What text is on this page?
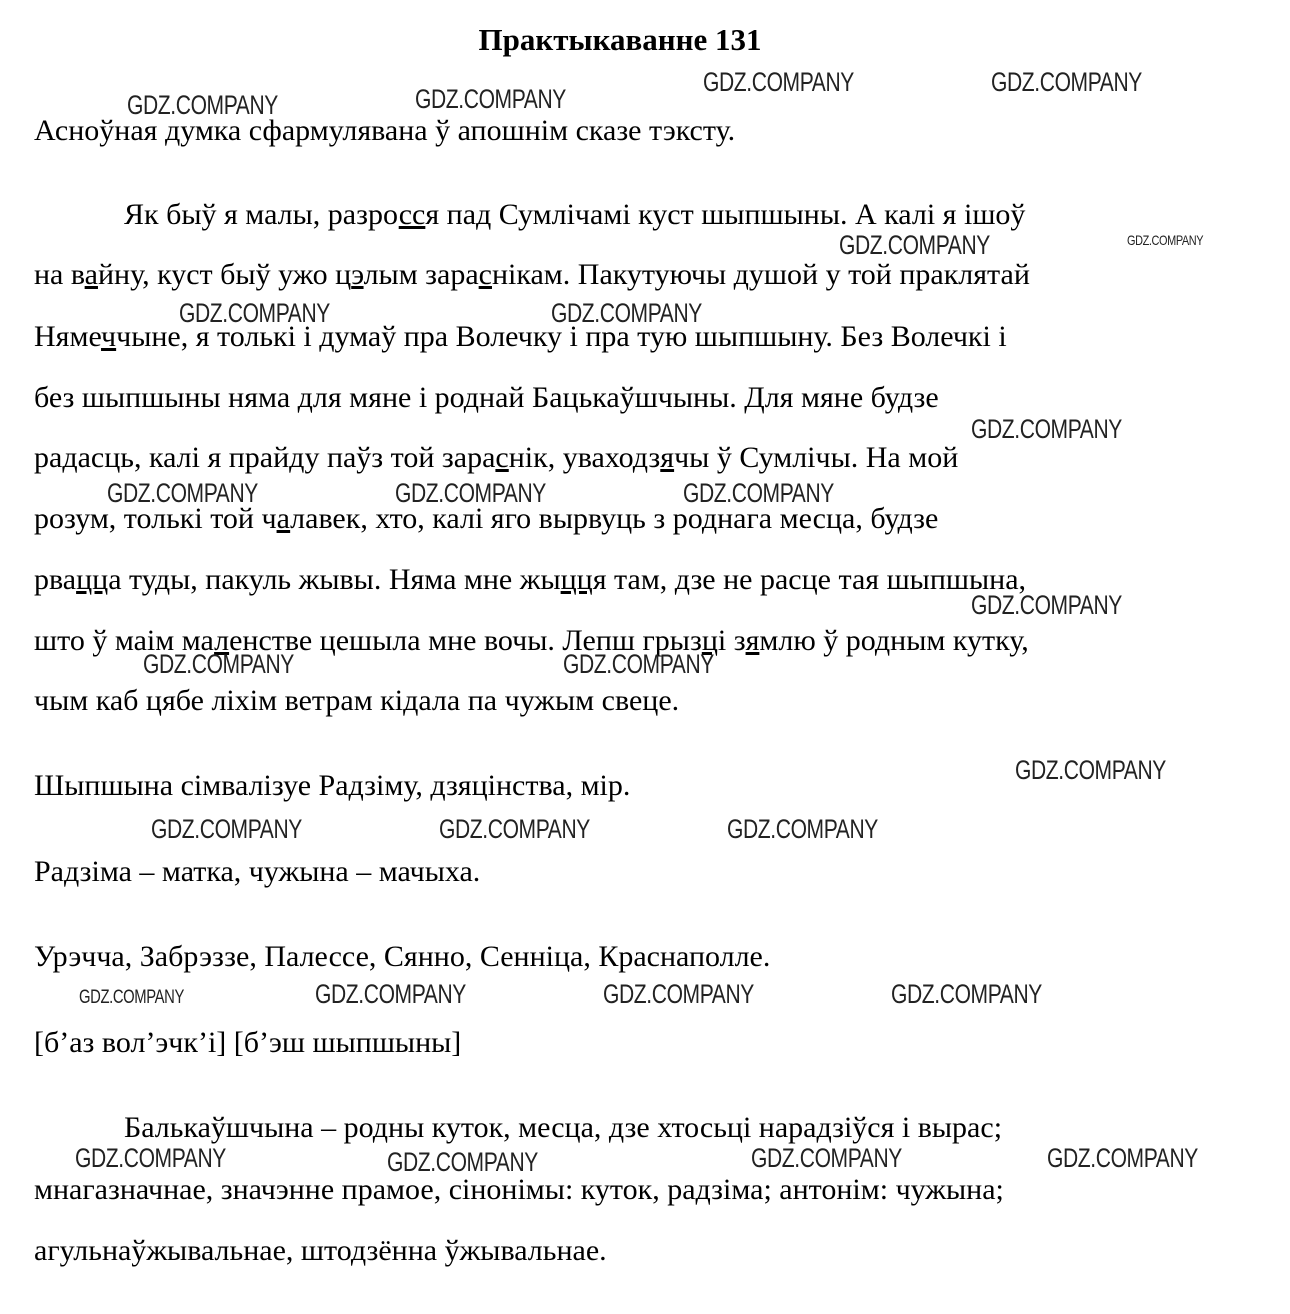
Практыкаванне 131
Асноўная думка сфармулявана ў апошнім сказе тэксту.
Як быў я малы, разросся пад Сумлічамі куст шыпшыны. А калі я ішоў
на вайну, куст быў ужо цэлым зараснікам. Пакутуючы душой у той праклятай
Нямеччыне, я толькі і думаў пра Волечку і пра тую шыпшыну. Без Волечкі і
без шыпшыны няма для мяне і роднай Бацькаўшчыны. Для мяне будзе
радасць, калі я прайду паўз той зараснік, уваходзячы ў Сумлічы. На мой
розум, толькі той чалавек, хто, калі яго вырвуць з роднага месца, будзе
рвацца туды, пакуль жывы. Няма мне жыцця там, дзе не расце тая шыпшына,
што ў маім маленстве цешыла мне вочы. Лепш грызці зямлю ў родным кутку,
чым каб цябе ліхім ветрам кідала па чужым свеце.
Шыпшына сімвалізуе Радзіму, дзяцінства, мір.
Радзіма – матка, чужына – мачыха.
Урэчча, Забрэззе, Палессе, Сянно, Сенніца, Краснаполле.
[б’аз вол’эчк’і] [б’эш шыпшыны]
Балькаўшчына – родны куток, месца, дзе хтосьці нарадзіўся і вырас;
мнагазначнае, значэнне прамое, сінонімы: куток, радзіма; антонім: чужына;
агульнаўжывальнае, штодзённа ўжывальнае.
GDZ.COMPANY	GDZ.COMPANY
GDZ.COMPANY	GDZ.COMPANY
GDZ.COMPANY	GDZ.COMPANY
GDZ.COMPANY	GDZ.COMPANY
GDZ.COMPANY
GDZ.COMPANY	GDZ.COMPANY	GDZ.COMPANY
GDZ.COMPANY
GDZ.COMPANY	GDZ.COMPANY
GDZ.COMPANY
GDZ.COMPANY	GDZ.COMPANY	GDZ.COMPANY
GDZ.COMPANY	GDZ.COMPANY	GDZ.COMPANY	GDZ.COMPANY
GDZ.COMPANY	GDZ.COMPANY	GDZ.COMPANY	GDZ.COMPANY
